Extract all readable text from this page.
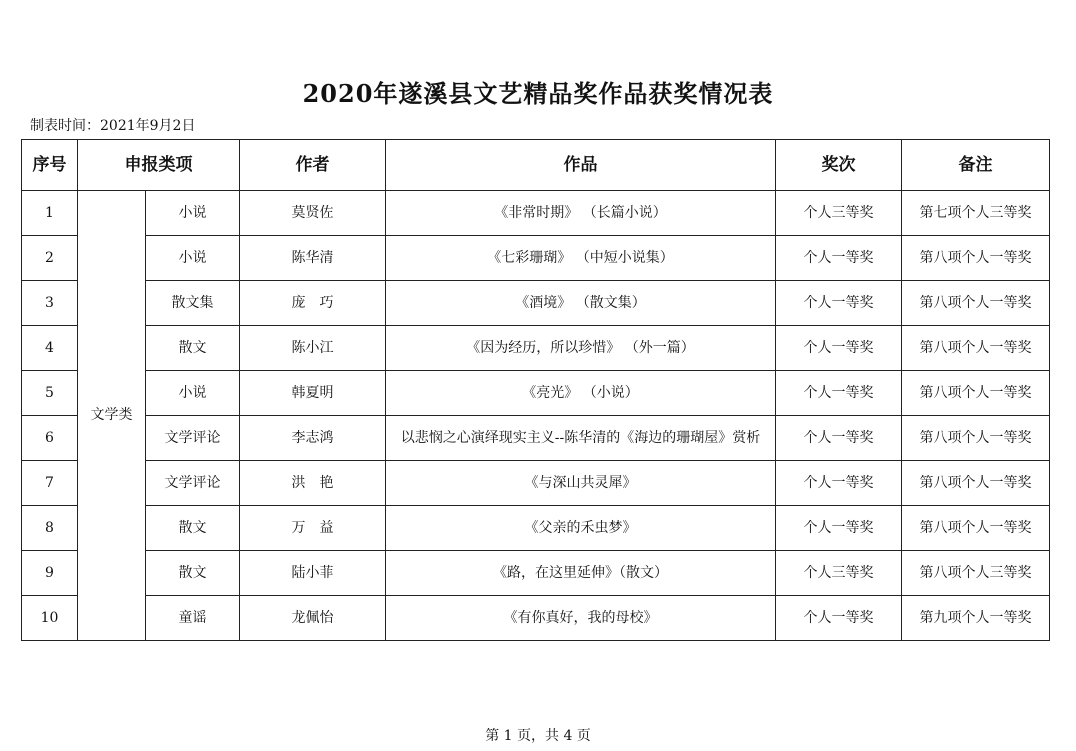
2020年遂溪县文艺精品奖作品获奖情况表
制表时间：2021年9月2日
序号	申报类项		作者	作品	奖次	备注
1	文学类	小说	莫贤佐	《非常时期》 （长篇小说）	个人三等奖	第七项个人三等奖
2		小说	陈华清	《七彩珊瑚》 （中短小说集）	个人一等奖	第八项个人一等奖
3		散文集	庞　巧	《酒境》 （散文集）	个人一等奖	第八项个人一等奖
4		散文	陈小江	《因为经历，所以珍惜》 （外一篇）	个人一等奖	第八项个人一等奖
5		小说	韩夏明	《亮光》 （小说）	个人一等奖	第八项个人一等奖
6		文学评论	李志鸿	以悲悯之心演绎现实主义--陈华清的《海边的珊瑚屋》赏析	个人一等奖	第八项个人一等奖
7		文学评论	洪　艳	《与深山共灵犀》	个人一等奖	第八项个人一等奖
8		散文	万　益	《父亲的禾虫梦》	个人一等奖	第八项个人一等奖
9		散文	陆小菲	《路，在这里延伸》（散文）	个人三等奖	第八项个人三等奖
10		童谣	龙佩怡	《有你真好，我的母校》	个人一等奖	第九项个人一等奖
第 1 页，共 4 页
